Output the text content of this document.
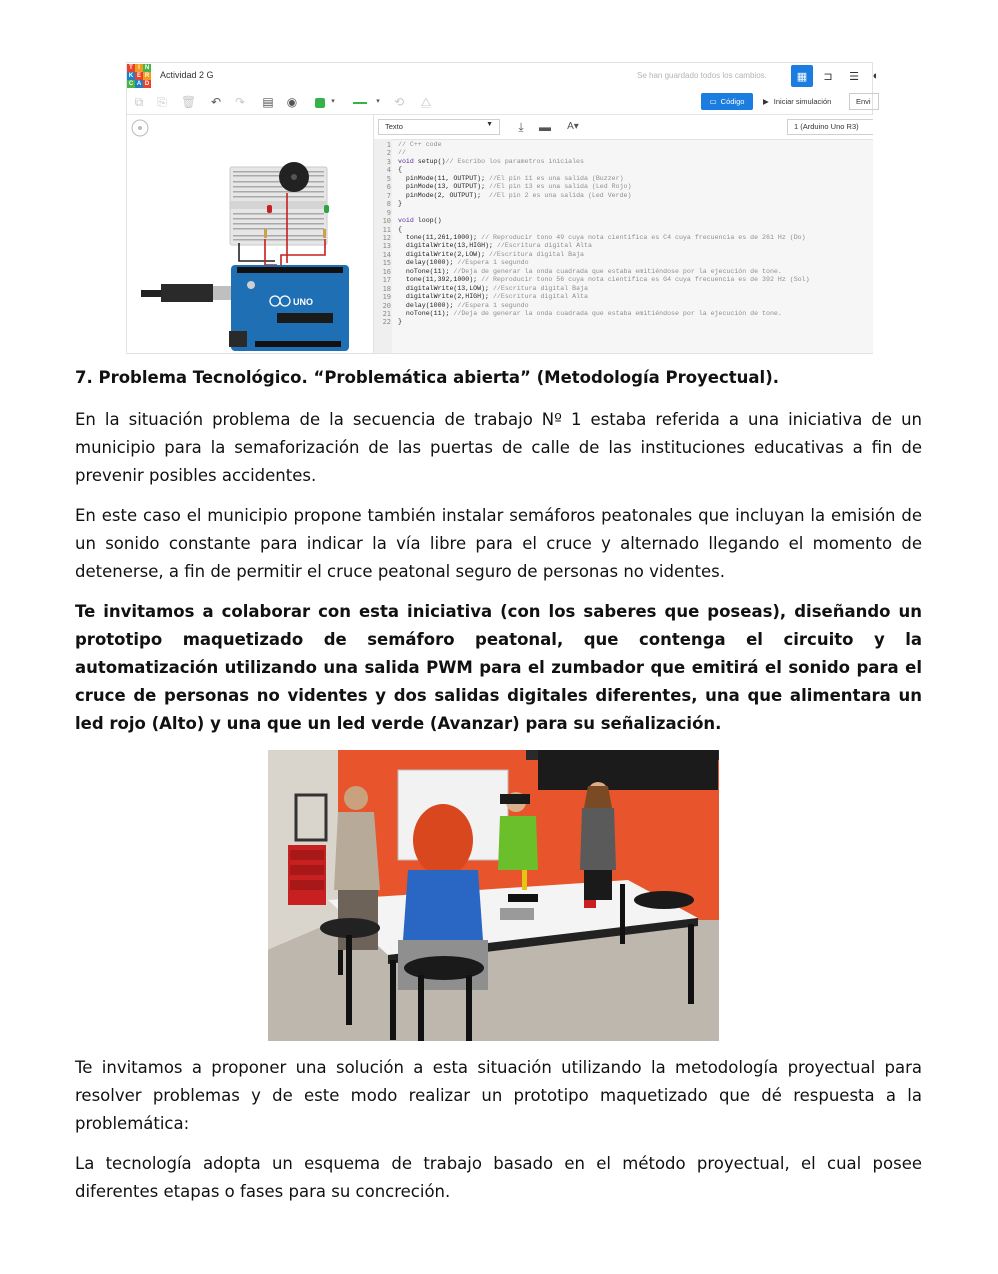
T I N
K E R
C A D
Actividad 2 G	Se han guardado todos los cambios.	▦	⊐	☰	◐
⧉ ⎘ 🗑 ↶ ↷ ▤ ◉	▾	▾	⟲ ⧋	▭ Código ▶ Iniciar simulación	Envi
UNO
Texto	▼	⤓	▬	A▾	1 (Arduino Uno R3)
1 // C++ code
2 //
3 void setup()// Escribo los parametros iniciales
4 {
5 pinMode(11, OUTPUT); //El pin 11 es una salida (Buzzer)
6 pinMode(13, OUTPUT); //El pin 13 es una salida (Led Rojo)
7 pinMode(2, OUTPUT);  //El pin 2 es una salida (Led Verde)
8 }
9
10 void loop()
11 {
12 tone(11,261,1000); // Reproducir tono 49 cuya nota cientifica es C4 cuya frecuencia es de 261 Hz (Do)
13 digitalWrite(13,HIGH); //Escritura digital Alta
14 digitalWrite(2,LOW); //Escritura digital Baja
15 delay(1000); //Espera 1 segundo
16 noTone(11); //Deja de generar la onda cuadrada que estaba emitiéndose por la ejecución de tone.
17 tone(11,392,1000); // Reproducir tono 56 cuya nota cientifica es G4 cuya frecuencia es de 392 Hz (Sol)
18 digitalWrite(13,LOW); //Escritura digital Baja
19 digitalWrite(2,HIGH); //Escritura digital Alta
20 delay(1000); //Espera 1 segundo
21 noTone(11); //Deja de generar la onda cuadrada que estaba emitiéndose por la ejecución de tone.
22 }
7. Problema Tecnológico. “Problemática abierta” (Metodología Proyectual).
En la situación problema de la secuencia de trabajo Nº 1 estaba referida a una iniciativa de un municipio para la semaforización de las puertas de calle de las instituciones educativas a fin de prevenir posibles accidentes.
En este caso el municipio propone también instalar semáforos peatonales que incluyan la emisión de un sonido constante para indicar la vía libre para el cruce y alternado llegando el momento de detenerse, a fin de permitir el cruce peatonal seguro de personas no videntes.
Te invitamos a colaborar con esta iniciativa (con los saberes que poseas), diseñando un prototipo maquetizado de semáforo peatonal, que contenga el circuito y la automatización utilizando una salida PWM para el zumbador que emitirá el sonido para el cruce de personas no videntes y dos salidas digitales diferentes, una que alimentara un led rojo (Alto) y una que un led verde (Avanzar) para su señalización.
Te invitamos a proponer una solución a esta situación utilizando la metodología proyectual para resolver problemas y de este modo realizar un prototipo maquetizado que dé respuesta a la problemática:
La tecnología adopta un esquema de trabajo basado en el método proyectual, el cual posee diferentes etapas o fases para su concreción.
